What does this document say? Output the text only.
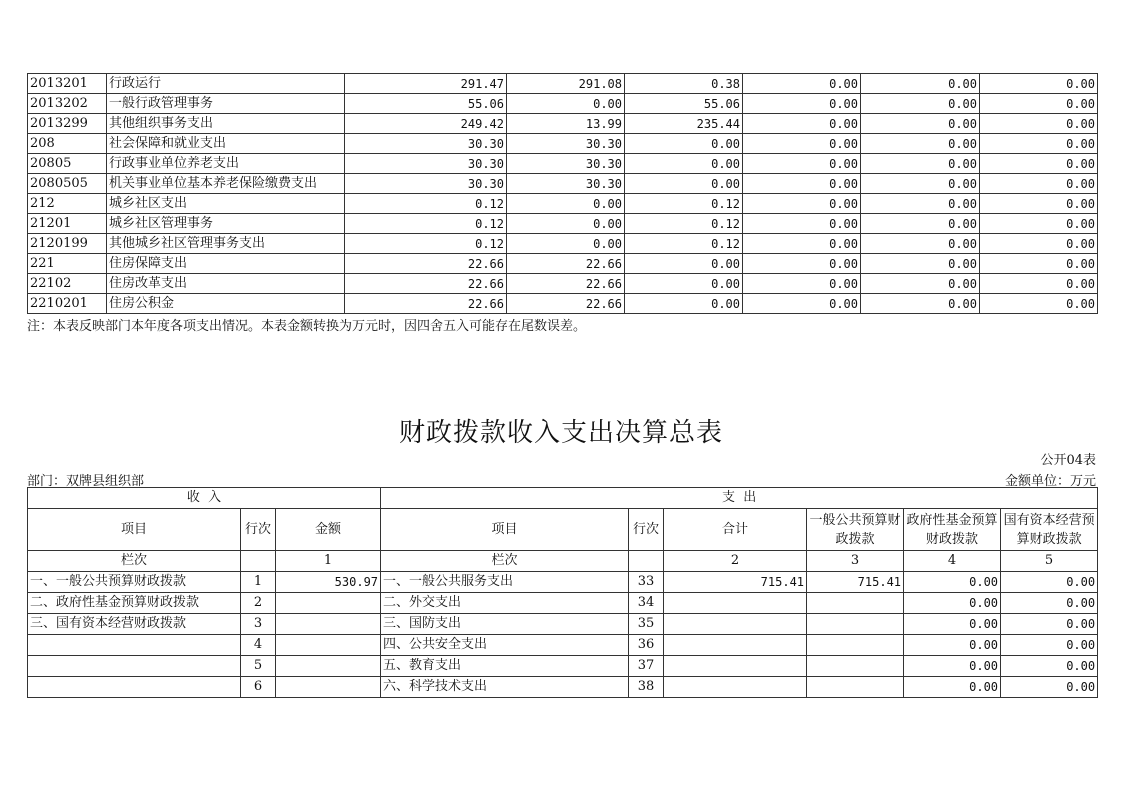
2013201	行政运行	291.47	291.08	0.38	0.00	0.00	0.00
2013202	一般行政管理事务	55.06	0.00	55.06	0.00	0.00	0.00
2013299	其他组织事务支出	249.42	13.99	235.44	0.00	0.00	0.00
208	社会保障和就业支出	30.30	30.30	0.00	0.00	0.00	0.00
20805	行政事业单位养老支出	30.30	30.30	0.00	0.00	0.00	0.00
2080505	机关事业单位基本养老保险缴费支出	30.30	30.30	0.00	0.00	0.00	0.00
212	城乡社区支出	0.12	0.00	0.12	0.00	0.00	0.00
21201	城乡社区管理事务	0.12	0.00	0.12	0.00	0.00	0.00
2120199	其他城乡社区管理事务支出	0.12	0.00	0.12	0.00	0.00	0.00
221	住房保障支出	22.66	22.66	0.00	0.00	0.00	0.00
22102	住房改革支出	22.66	22.66	0.00	0.00	0.00	0.00
2210201	住房公积金	22.66	22.66	0.00	0.00	0.00	0.00
注：本表反映部门本年度各项支出情况。本表金额转换为万元时，因四舍五入可能存在尾数误差。
财政拨款收入支出决算总表
公开04表
部门：双牌县组织部	金额单位：万元
收  入			支  出					
项目	行次	金额	项目	行次	合计	一般公共预算财政拨款	政府性基金预算财政拨款	国有资本经营预算财政拨款
栏次		1	栏次		2	3	4	5
一、一般公共预算财政拨款	1	530.97	一、一般公共服务支出	33	715.41	715.41	0.00	0.00
二、政府性基金预算财政拨款	2		二、外交支出	34			0.00	0.00
三、国有资本经营财政拨款	3		三、国防支出	35			0.00	0.00
	4		四、公共安全支出	36			0.00	0.00
	5		五、教育支出	37			0.00	0.00
	6		六、科学技术支出	38			0.00	0.00
